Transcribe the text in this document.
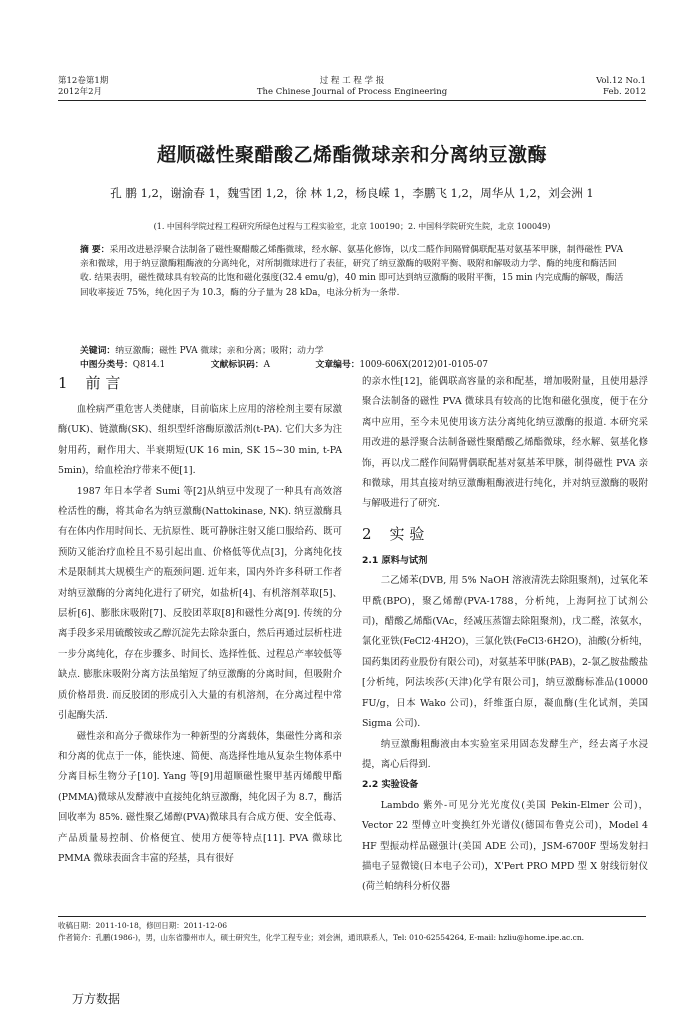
第12卷第1期
2012年2月
过 程 工 程 学 报
The Chinese Journal of Process Engineering
Vol.12 No.1
Feb. 2012
超顺磁性聚醋酸乙烯酯微球亲和分离纳豆激酶
孔 鹏 1,2，谢渝春 1，魏雪团 1,2，徐 林 1,2，杨良嵘 1，李鹏飞 1,2，周华从 1,2，刘会洲 1
(1. 中国科学院过程工程研究所绿色过程与工程实验室，北京 100190；2. 中国科学院研究生院，北京 100049)
摘 要：采用改进悬浮聚合法制备了磁性聚醋酸乙烯酯微球，经水解、氨基化修饰，以戊二醛作间隔臂偶联配基对氨基苯甲脒，制得磁性 PVA 亲和微球，用于纳豆激酶粗酶液的分离纯化，对所制微球进行了表征，研究了纳豆激酶的吸附平衡、吸附和解吸动力学、酶的纯度和酶活回收. 结果表明，磁性微球具有较高的比饱和磁化强度(32.4 emu/g)，40 min 即可达到纳豆激酶的吸附平衡，15 min 内完成酶的解吸，酶活回收率接近 75%，纯化因子为 10.3，酶的分子量为 28 kDa，电泳分析为一条带.
关键词：纳豆激酶；磁性 PVA 微球；亲和分离；吸附；动力学
中图分类号：Q814.1	文献标识码：A	文章编号：1009-606X(2012)01-0105-07
1 前 言

血栓病严重危害人类健康，目前临床上应用的溶栓剂主要有尿激酶(UK)、链激酶(SK)、组织型纤溶酶原激活剂(t-PA). 它们大多为注射用药，耐作用大、半衰期短(UK 16 min, SK 15~30 min, t-PA 5min)，给血栓治疗带来不便[1].

1987 年日本学者 Sumi 等[2]从纳豆中发现了一种具有高效溶栓活性的酶，将其命名为纳豆激酶(Nattokinase, NK). 纳豆激酶具有在体内作用时间长、无抗原性、既可静脉注射又能口服给药、既可预防又能治疗血栓且不易引起出血、价格低等优点[3]，分离纯化技术是限制其大规模生产的瓶颈问题. 近年来，国内外许多科研工作者对纳豆激酶的分离纯化进行了研究，如盐析[4]、有机溶剂萃取[5]、层析[6]、膨胀床吸附[7]、反胶团萃取[8]和磁性分离[9]. 传统的分离手段多采用硫酸铵或乙醇沉淀先去除杂蛋白，然后再通过层析柱进一步分离纯化，存在步骤多、时间长、选择性低、过程总产率较低等缺点. 膨胀床吸附分离方法虽缩短了纳豆激酶的分离时间，但吸附介质价格昂贵. 而反胶团的形成引入大量的有机溶剂，在分离过程中常引起酶失活.

磁性亲和高分子微球作为一种新型的分离载体，集磁性分离和亲和分离的优点于一体，能快速、简便、高选择性地从复杂生物体系中分离目标生物分子[10]. Yang 等[9]用超顺磁性聚甲基丙烯酸甲酯(PMMA)微球从发酵液中直接纯化纳豆激酶，纯化因子为 8.7，酶活回收率为 85%. 磁性聚乙烯醇(PVA)微球具有合成方便、安全低毒、产品质量易控制、价格便宜、使用方便等特点[11]. PVA 微球比 PMMA 微球表面含丰富的羟基，具有很好

的亲水性[12]，能偶联高容量的亲和配基，增加吸附量，且使用悬浮聚合法制备的磁性 PVA 微球具有较高的比饱和磁化强度，便于在分离中应用，至今未见使用该方法分离纯化纳豆激酶的报道. 本研究采用改进的悬浮聚合法制备磁性聚醋酸乙烯酯微球，经水解、氨基化修饰，再以戊二醛作间隔臂偶联配基对氨基苯甲脒，制得磁性 PVA 亲和微球，用其直接对纳豆激酶粗酶液进行纯化，并对纳豆激酶的吸附与解吸进行了研究.

2 实 验
2.1 原料与试剂

二乙烯苯(DVB, 用 5% NaOH 溶液清洗去除阻聚剂)，过氧化苯甲酰(BPO)，聚乙烯醇(PVA-1788，分析纯，上海阿拉丁试剂公司)，醋酸乙烯酯(VAc，经减压蒸馏去除阻聚剂)，戊二醛，浓氨水，氯化亚铁(FeCl2·4H2O)，三氯化铁(FeCl3·6H2O)，油酸(分析纯，国药集团药业股份有限公司)，对氨基苯甲脒(PAB)，2-氯乙胺盐酸盐[分析纯，阿法埃莎(天津)化学有限公司]，纳豆激酶标准品(10000 FU/g，日本 Wako 公司)，纤维蛋白原，凝血酶(生化试剂，美国 Sigma 公司).

纳豆激酶粗酶液由本实验室采用固态发酵生产，经去离子水浸提，离心后得到.

2.2 实验设备

Lambdo 紫外-可见分光光度仪(美国 Pekin-Elmer 公司)，Vector 22 型傅立叶变换红外光谱仪(德国布鲁克公司)，Model 4 HF 型振动样品磁强计(美国 ADE 公司)，JSM-6700F 型场发射扫描电子显微镜(日本电子公司)，X'Pert PRO MPD 型 X 射线衍射仪(荷兰帕纳科分析仪器

收稿日期：2011-10-18，修回日期：2011-12-06
作者简介：孔鹏(1986-)，男，山东省滕州市人，硕士研究生，化学工程专业；刘会洲，通讯联系人，Tel: 010-62554264, E-mail: hzliu@home.ipe.ac.cn.
万方数据
